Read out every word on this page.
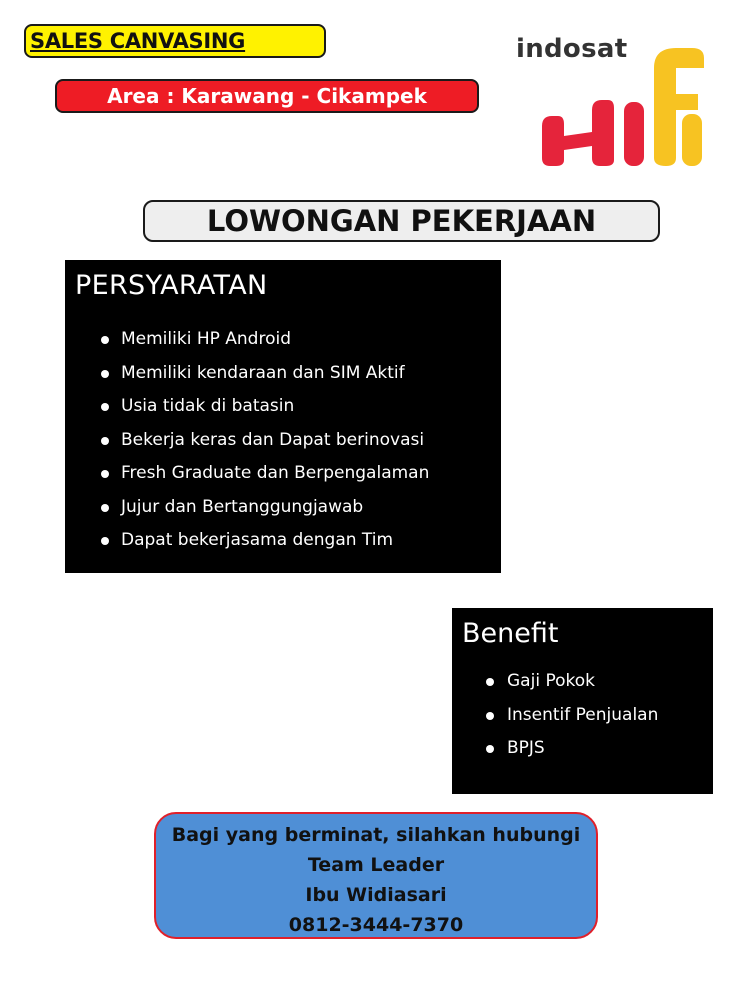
SALES CANVASING
Area : Karawang - Cikampek
indosat
LOWONGAN PEKERJAAN
PERSYARATAN
Memiliki HP Android
Memiliki kendaraan dan SIM Aktif
Usia tidak di batasin
Bekerja keras dan Dapat berinovasi
Fresh Graduate dan Berpengalaman
Jujur dan Bertanggungjawab
Dapat bekerjasama dengan Tim
Benefit
Gaji Pokok
Insentif Penjualan
BPJS
Bagi yang berminat, silahkan hubungi
Team Leader
Ibu Widiasari
0812-3444-7370
